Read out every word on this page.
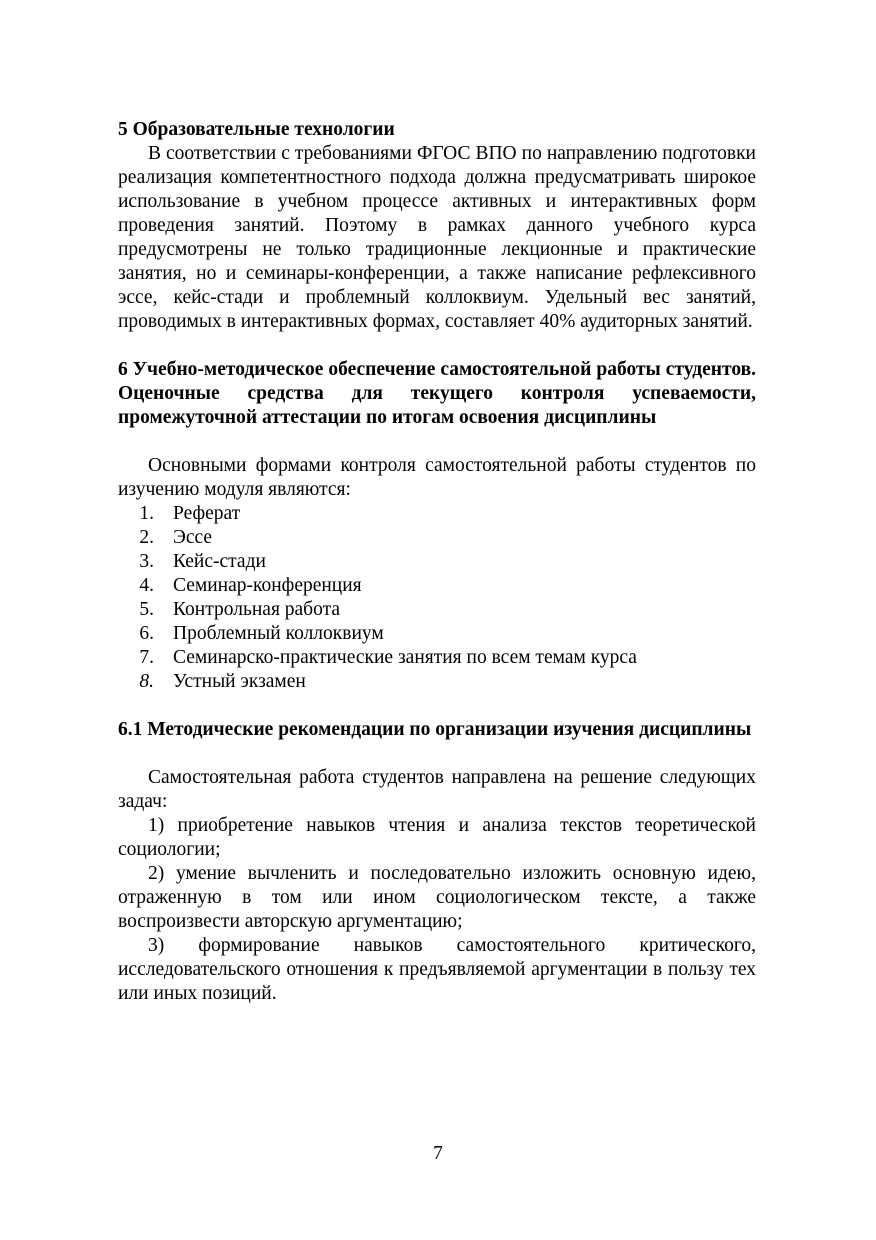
5 Образовательные технологии

В соответствии с требованиями ФГОС ВПО по направлению подготовки реализация компетентностного подхода должна предусматривать широкое использование в учебном процессе активных и интерактивных форм проведения занятий. Поэтому в рамках данного учебного курса предусмотрены не только традиционные лекционные и практические занятия, но и семинары-конференции, а также написание рефлексивного эссе, кейс-стади и проблемный коллоквиум. Удельный вес занятий, проводимых в интерактивных формах, составляет 40% аудиторных занятий.

6 Учебно-методическое обеспечение самостоятельной работы студентов. Оценочные средства для текущего контроля успеваемости, промежуточной аттестации по итогам освоения дисциплины

Основными формами контроля самостоятельной работы студентов по изучению модуля являются:

1. Реферат
2. Эссе
3. Кейс-стади
4. Семинар-конференция
5. Контрольная работа
6. Проблемный коллоквиум
7. Семинарско-практические занятия по всем темам курса
8. Устный экзамен

6.1 Методические рекомендации по организации изучения дисциплины

Самостоятельная работа студентов направлена на решение следующих задач:

1) приобретение навыков чтения и анализа текстов теоретической социологии;

2) умение вычленить и последовательно изложить основную идею, отраженную в том или ином социологическом тексте, а также воспроизвести авторскую аргументацию;

3) формирование навыков самостоятельного критического, исследовательского отношения к предъявляемой аргументации в пользу тех или иных позиций.

7
